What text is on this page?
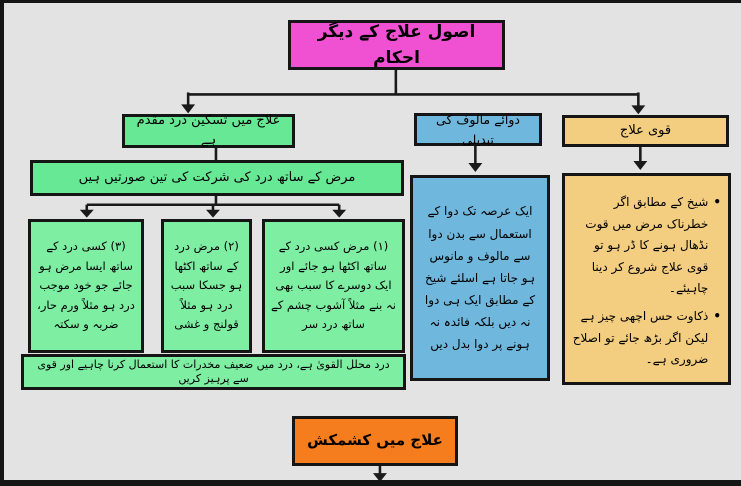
اصول علاج کے دیگر احکام
علاج میں تسکین درد مقدم ہے
مرض کے ساتھ درد کی شرکت کی تین صورتیں ہیں
(۳) کسی درد کے ساتھ ایسا مرض ہو جائے جو خود موجب درد ہو مثلاً ورم حار، ضربہ و سکتہ
(۲) مرض درد کے ساتھ اکٹھا ہو جسکا سبب درد ہو مثلاً قولنج و غشی
(۱) مرض کسی درد کے ساتھ اکٹھا ہو جائے اور ایک دوسرے کا سبب بھی نہ بنے مثلاً آشوب چشم کے ساتھ درد سر
درد محلل القویٰ ہے، درد میں ضعیف مخدرات کا استعمال کرنا چاہیے اور قوی سے پرہیز کریں
دوائے مالوف کی تبدیلی
ایک عرصہ تک دوا کے استعمال سے بدن دوا سے مالوف و مانوس ہو جاتا ہے اسلئے شیخ کے مطابق ایک ہی دوا نہ دیں بلکہ فائدہ نہ ہونے پر دوا بدل دیں
قوی علاج
•
شیخ کے مطابق اگر خطرناک مرض میں قوت نڈھال ہونے کا ڈر ہو تو قوی علاج شروع کر دینا چاہیئے۔
•
ذکاوت حس اچھی چیز ہے لیکن اگر بڑھ جائے تو اصلاح ضروری ہے۔
علاج میں کشمکش
